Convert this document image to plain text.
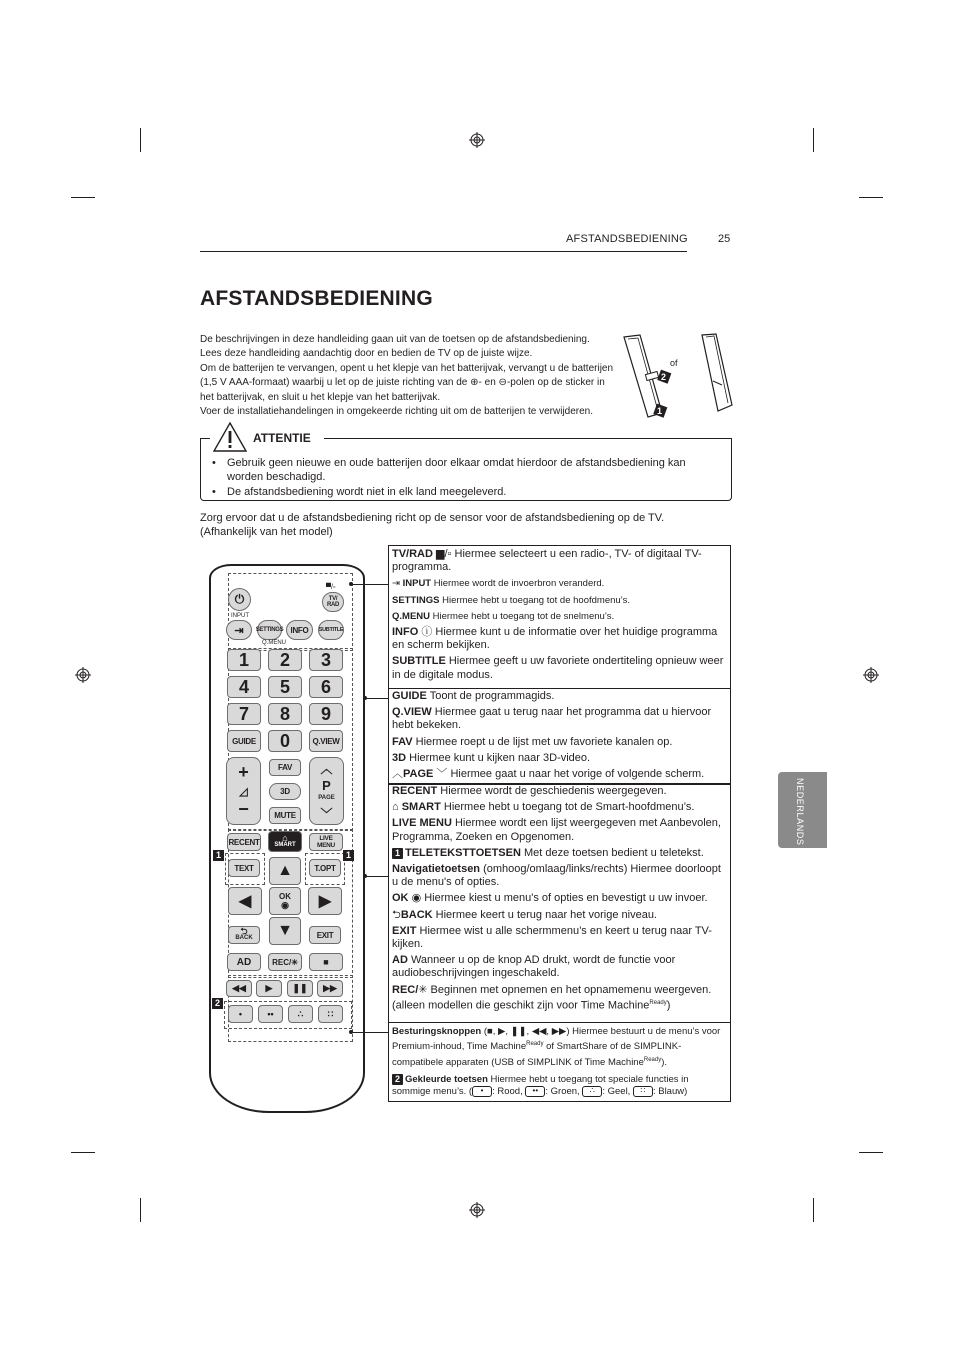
AFSTANDSBEDIENING	25
AFSTANDSBEDIENING
NEDERLANDS

De beschrijvingen in deze handleiding gaan uit van de toetsen op de afstandsbediening.

Lees deze handleiding aandachtig door en bedien de TV op de juiste wijze.

Om de batterijen te vervangen, opent u het klepje van het batterijvak, vervangt u de batterijen

(1,5 V AAA-formaat) waarbij u let op de juiste richting van de ⊕- en ⊖-polen op de sticker in

het batterijvak, en sluit u het klepje van het batterijvak.

Voer de installatiehandelingen in omgekeerde richting uit om de batterijen te verwijderen.

of
2
1
ATTENTIE
• Gebruik geen nieuwe en oude batterijen door elkaar omdat hierdoor de afstandsbediening kan worden beschadigd.
• De afstandsbediening wordt niet in elk land meegeleverd.

Zorg ervoor dat u de afstandsbediening richt op de sensor voor de afstandsbediening op de TV.

(Afhankelijk van het model)

⏻
▀/▫
TV/
RAD
INPUT
⇥	SETTINGS
Q.MENU
INFO	SUBTITLE
1	2	3
4	5	6
7	8	9
GUIDE	0	Q.VIEW
+
◿
−
FAV
3D
MUTE
︿
P
PAGE
﹀
RECENT	⌂
SMART
LIVE MENU
1	1
TEXT	T.OPT
▲
◀	OK
◉	▶
▼
⮌
BACK	EXIT
AD	REC/ ✳	■
◀◀	▶	❚❚	▶▶
2
•	••	∴	∷

TV/RAD ▆/▫ Hiermee selecteert u een radio-, TV- of digitaal TV-programma.

⇥ INPUT Hiermee wordt de invoerbron veranderd.

SETTINGS Hiermee hebt u toegang tot de hoofdmenu’s.

Q.MENU Hiermee hebt u toegang tot de snelmenu’s.

INFO ⓘ Hiermee kunt u de informatie over het huidige programma en scherm bekijken.

SUBTITLE Hiermee geeft u uw favoriete ondertiteling opnieuw weer in de digitale modus.

GUIDE Toont de programmagids.

Q.VIEW Hiermee gaat u terug naar het programma dat u hiervoor hebt bekeken.

FAV Hiermee roept u de lijst met uw favoriete kanalen op.

3D Hiermee kunt u kijken naar 3D-video.

︿PAGE ﹀ Hiermee gaat u naar het vorige of volgende scherm.

RECENT Hiermee wordt de geschiedenis weergegeven.

⌂ SMART Hiermee hebt u toegang tot de Smart-hoofdmenu’s.

LIVE MENU Hiermee wordt een lijst weergegeven met Aanbevolen, Programma, Zoeken en Opgenomen.

1 TELETEKSTTOETSEN Met deze toetsen bedient u teletekst.

Navigatietoetsen (omhoog/omlaag/links/rechts) Hiermee doorloopt u de menu's of opties.

OK ◉ Hiermee kiest u menu's of opties en bevestigt u uw invoer.

⮌BACK Hiermee keert u terug naar het vorige niveau.

EXIT Hiermee wist u alle schermmenu’s en keert u terug naar TV-kijken.

AD Wanneer u op de knop AD drukt, wordt de functie voor audiobeschrijvingen ingeschakeld.

REC/✳ Beginnen met opnemen en het opnamemenu weergeven. (alleen modellen die geschikt zijn voor Time Machine$^{Ready}$)

Besturingsknoppen (■, ▶, ❚❚, ◀◀, ▶▶) Hiermee bestuurt u de menu’s voor Premium-inhoud, Time Machine$^{Ready}$ of SmartShare of de SIMPLINK-compatibele apparaten (USB of SIMPLINK of Time Machine$^{Ready}$).

2 Gekleurde toetsen Hiermee hebt u toegang tot speciale functies in sommige menu’s. ( • : Rood, •• : Groen, ∴ : Geel, ∷ : Blauw)
